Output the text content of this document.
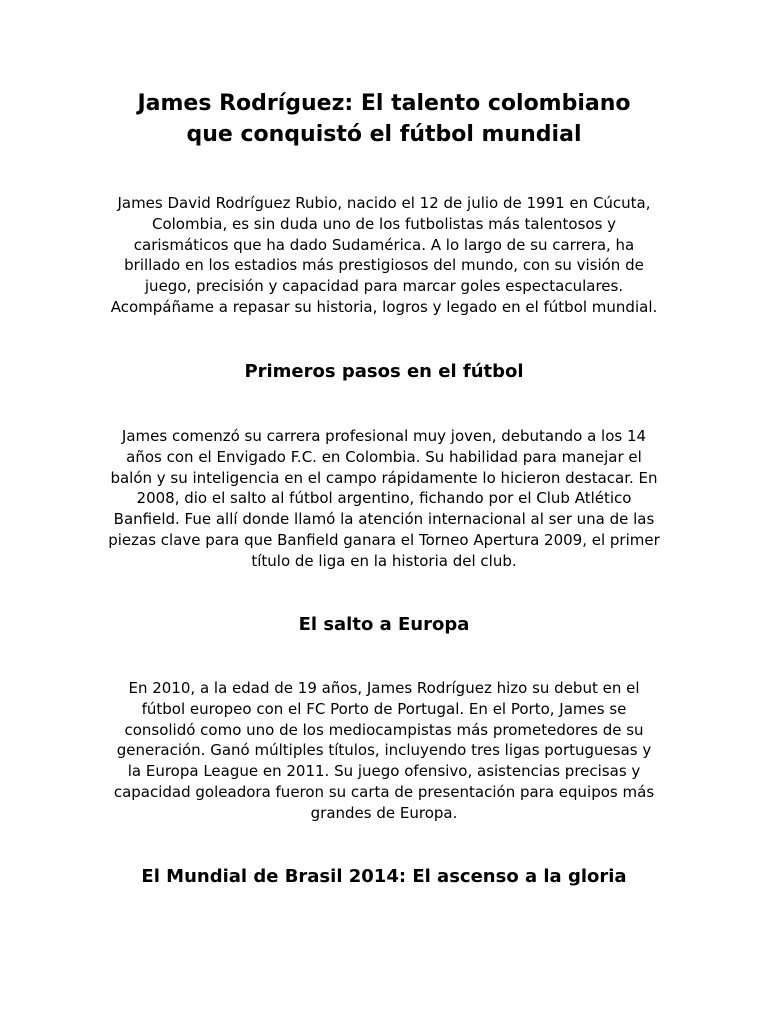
James Rodríguez: El talento colombiano
que conquistó el fútbol mundial

James David Rodríguez Rubio, nacido el 12 de julio de 1991 en Cúcuta,
Colombia, es sin duda uno de los futbolistas más talentosos y
carismáticos que ha dado Sudamérica. A lo largo de su carrera, ha
brillado en los estadios más prestigiosos del mundo, con su visión de
juego, precisión y capacidad para marcar goles espectaculares.
Acompáñame a repasar su historia, logros y legado en el fútbol mundial.

Primeros pasos en el fútbol

James comenzó su carrera profesional muy joven, debutando a los 14
años con el Envigado F.C. en Colombia. Su habilidad para manejar el
balón y su inteligencia en el campo rápidamente lo hicieron destacar. En
2008, dio el salto al fútbol argentino, fichando por el Club Atlético
Banfield. Fue allí donde llamó la atención internacional al ser una de las
piezas clave para que Banfield ganara el Torneo Apertura 2009, el primer
título de liga en la historia del club.

El salto a Europa

En 2010, a la edad de 19 años, James Rodríguez hizo su debut en el
fútbol europeo con el FC Porto de Portugal. En el Porto, James se
consolidó como uno de los mediocampistas más prometedores de su
generación. Ganó múltiples títulos, incluyendo tres ligas portuguesas y
la Europa League en 2011. Su juego ofensivo, asistencias precisas y
capacidad goleadora fueron su carta de presentación para equipos más
grandes de Europa.

El Mundial de Brasil 2014: El ascenso a la gloria
